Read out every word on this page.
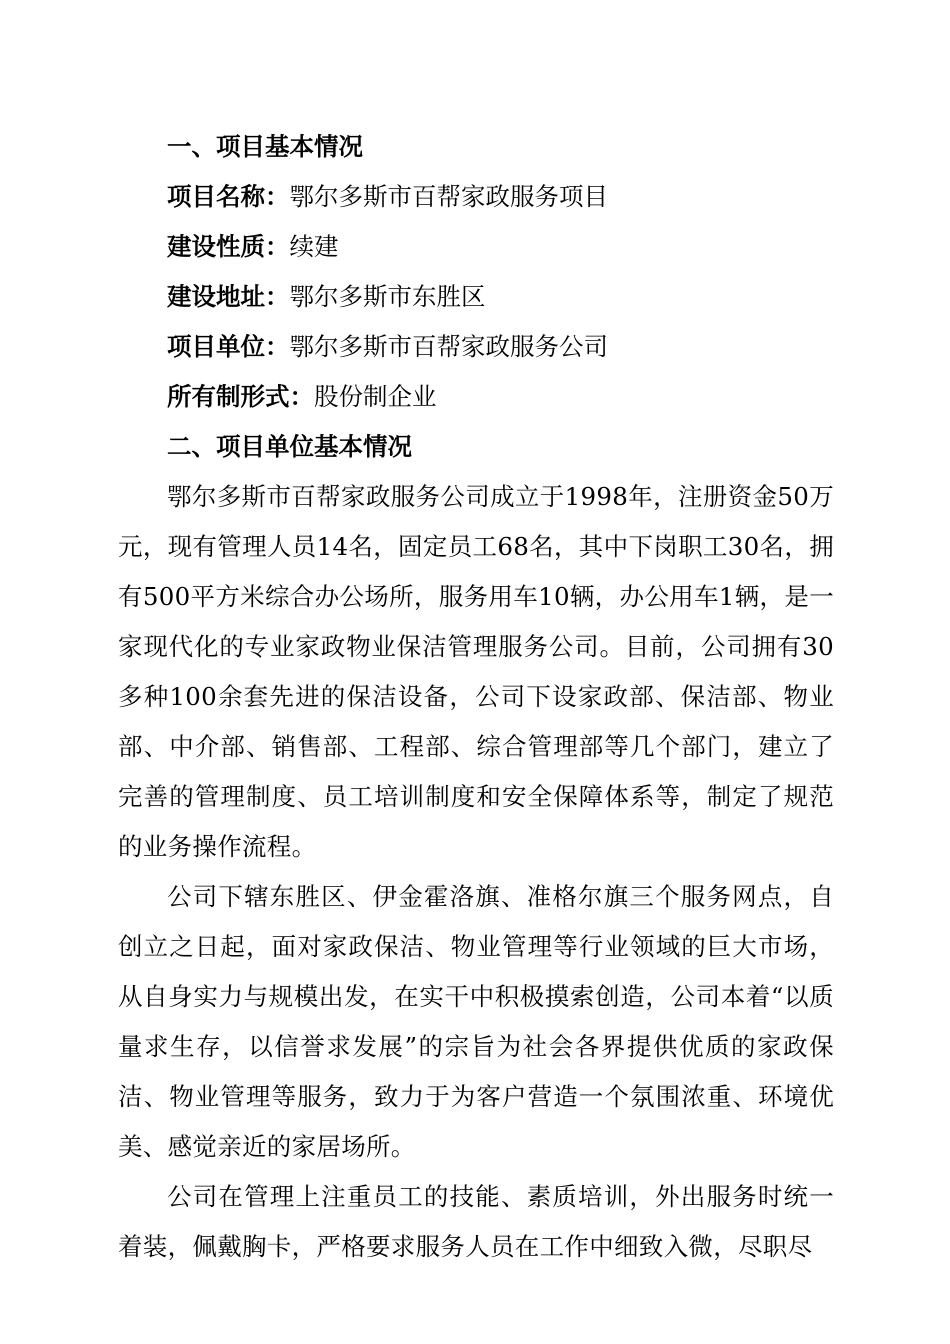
一、项目基本情况

项目名称：鄂尔多斯市百帮家政服务项目

建设性质：续建

建设地址：鄂尔多斯市东胜区

项目单位：鄂尔多斯市百帮家政服务公司

所有制形式：股份制企业

二、项目单位基本情况

鄂尔多斯市百帮家政服务公司成立于1998年，注册资金50万元，现有管理人员14名，固定员工68名，其中下岗职工30名，拥有500平方米综合办公场所，服务用车10辆，办公用车1辆，是一家现代化的专业家政物业保洁管理服务公司。目前，公司拥有30多种100余套先进的保洁设备，公司下设家政部、保洁部、物业部、中介部、销售部、工程部、综合管理部等几个部门，建立了完善的管理制度、员工培训制度和安全保障体系等，制定了规范的业务操作流程。

公司下辖东胜区、伊金霍洛旗、准格尔旗三个服务网点，自创立之日起，面对家政保洁、物业管理等行业领域的巨大市场，从自身实力与规模出发，在实干中积极摸索创造，公司本着“以质量求生存，以信誉求发展”的宗旨为社会各界提供优质的家政保洁、物业管理等服务，致力于为客户营造一个氛围浓重、环境优美、感觉亲近的家居场所。

公司在管理上注重员工的技能、素质培训，外出服务时统一着装，佩戴胸卡，严格要求服务人员在工作中细致入微，尽职尽
